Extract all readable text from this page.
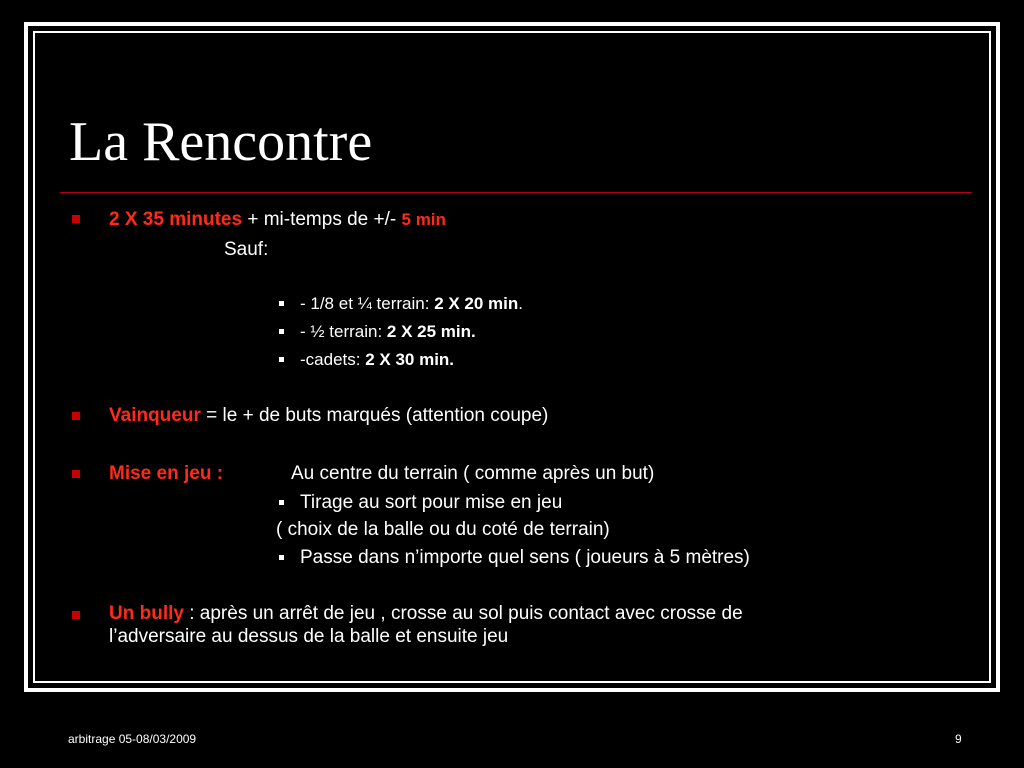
La Rencontre
2 X 35 minutes + mi-temps de +/- 5 min
Sauf:
- 1/8 et ¼ terrain: 2 X 20 min.
- ½ terrain: 2 X 25 min.
-cadets: 2 X 30 min.
Vainqueur = le + de buts marqués (attention coupe)
Mise en jeu :	Au centre du terrain ( comme après un but)
Tirage au sort pour mise en jeu
( choix de la balle ou du coté de terrain)
Passe dans n’importe quel sens ( joueurs à 5 mètres)
Un bully : après un arrêt de jeu , crosse au sol puis contact avec crosse de
l’adversaire au dessus de la balle et ensuite jeu
arbitrage 05-08/03/2009	9
